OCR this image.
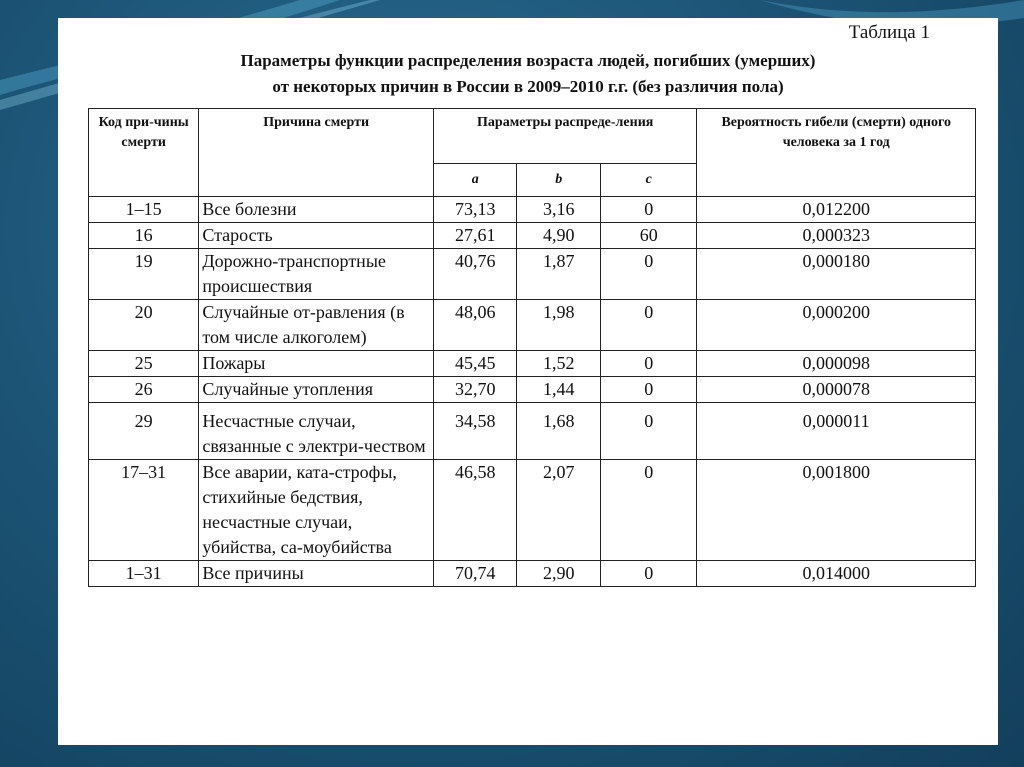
Таблица 1
Параметры функции распределения возраста людей, погибших (умерших)
от некоторых причин в России в 2009–2010 г.г. (без различия пола)
Код при-чины смерти	Причина смерти	Параметры распреде-ления			Вероятность гибели (смерти) одного человека за 1 год
		a	b	c	
1–15	Все болезни	73,13	3,16	0	0,012200
16	Старость	27,61	4,90	60	0,000323
19	Дорожно-транспортные происшествия	40,76	1,87	0	0,000180
20	Случайные от-равления (в том числе алкоголем)	48,06	1,98	0	0,000200
25	Пожары	45,45	1,52	0	0,000098
26	Случайные утопления	32,70	1,44	0	0,000078
29	Несчастные случаи, связанные с электри-чеством	34,58	1,68	0	0,000011
17–31	Все аварии, ката-строфы, стихийные бедствия, несчастные случаи, убийства, са-моубийства	46,58	2,07	0	0,001800
1–31	Все причины	70,74	2,90	0	0,014000
